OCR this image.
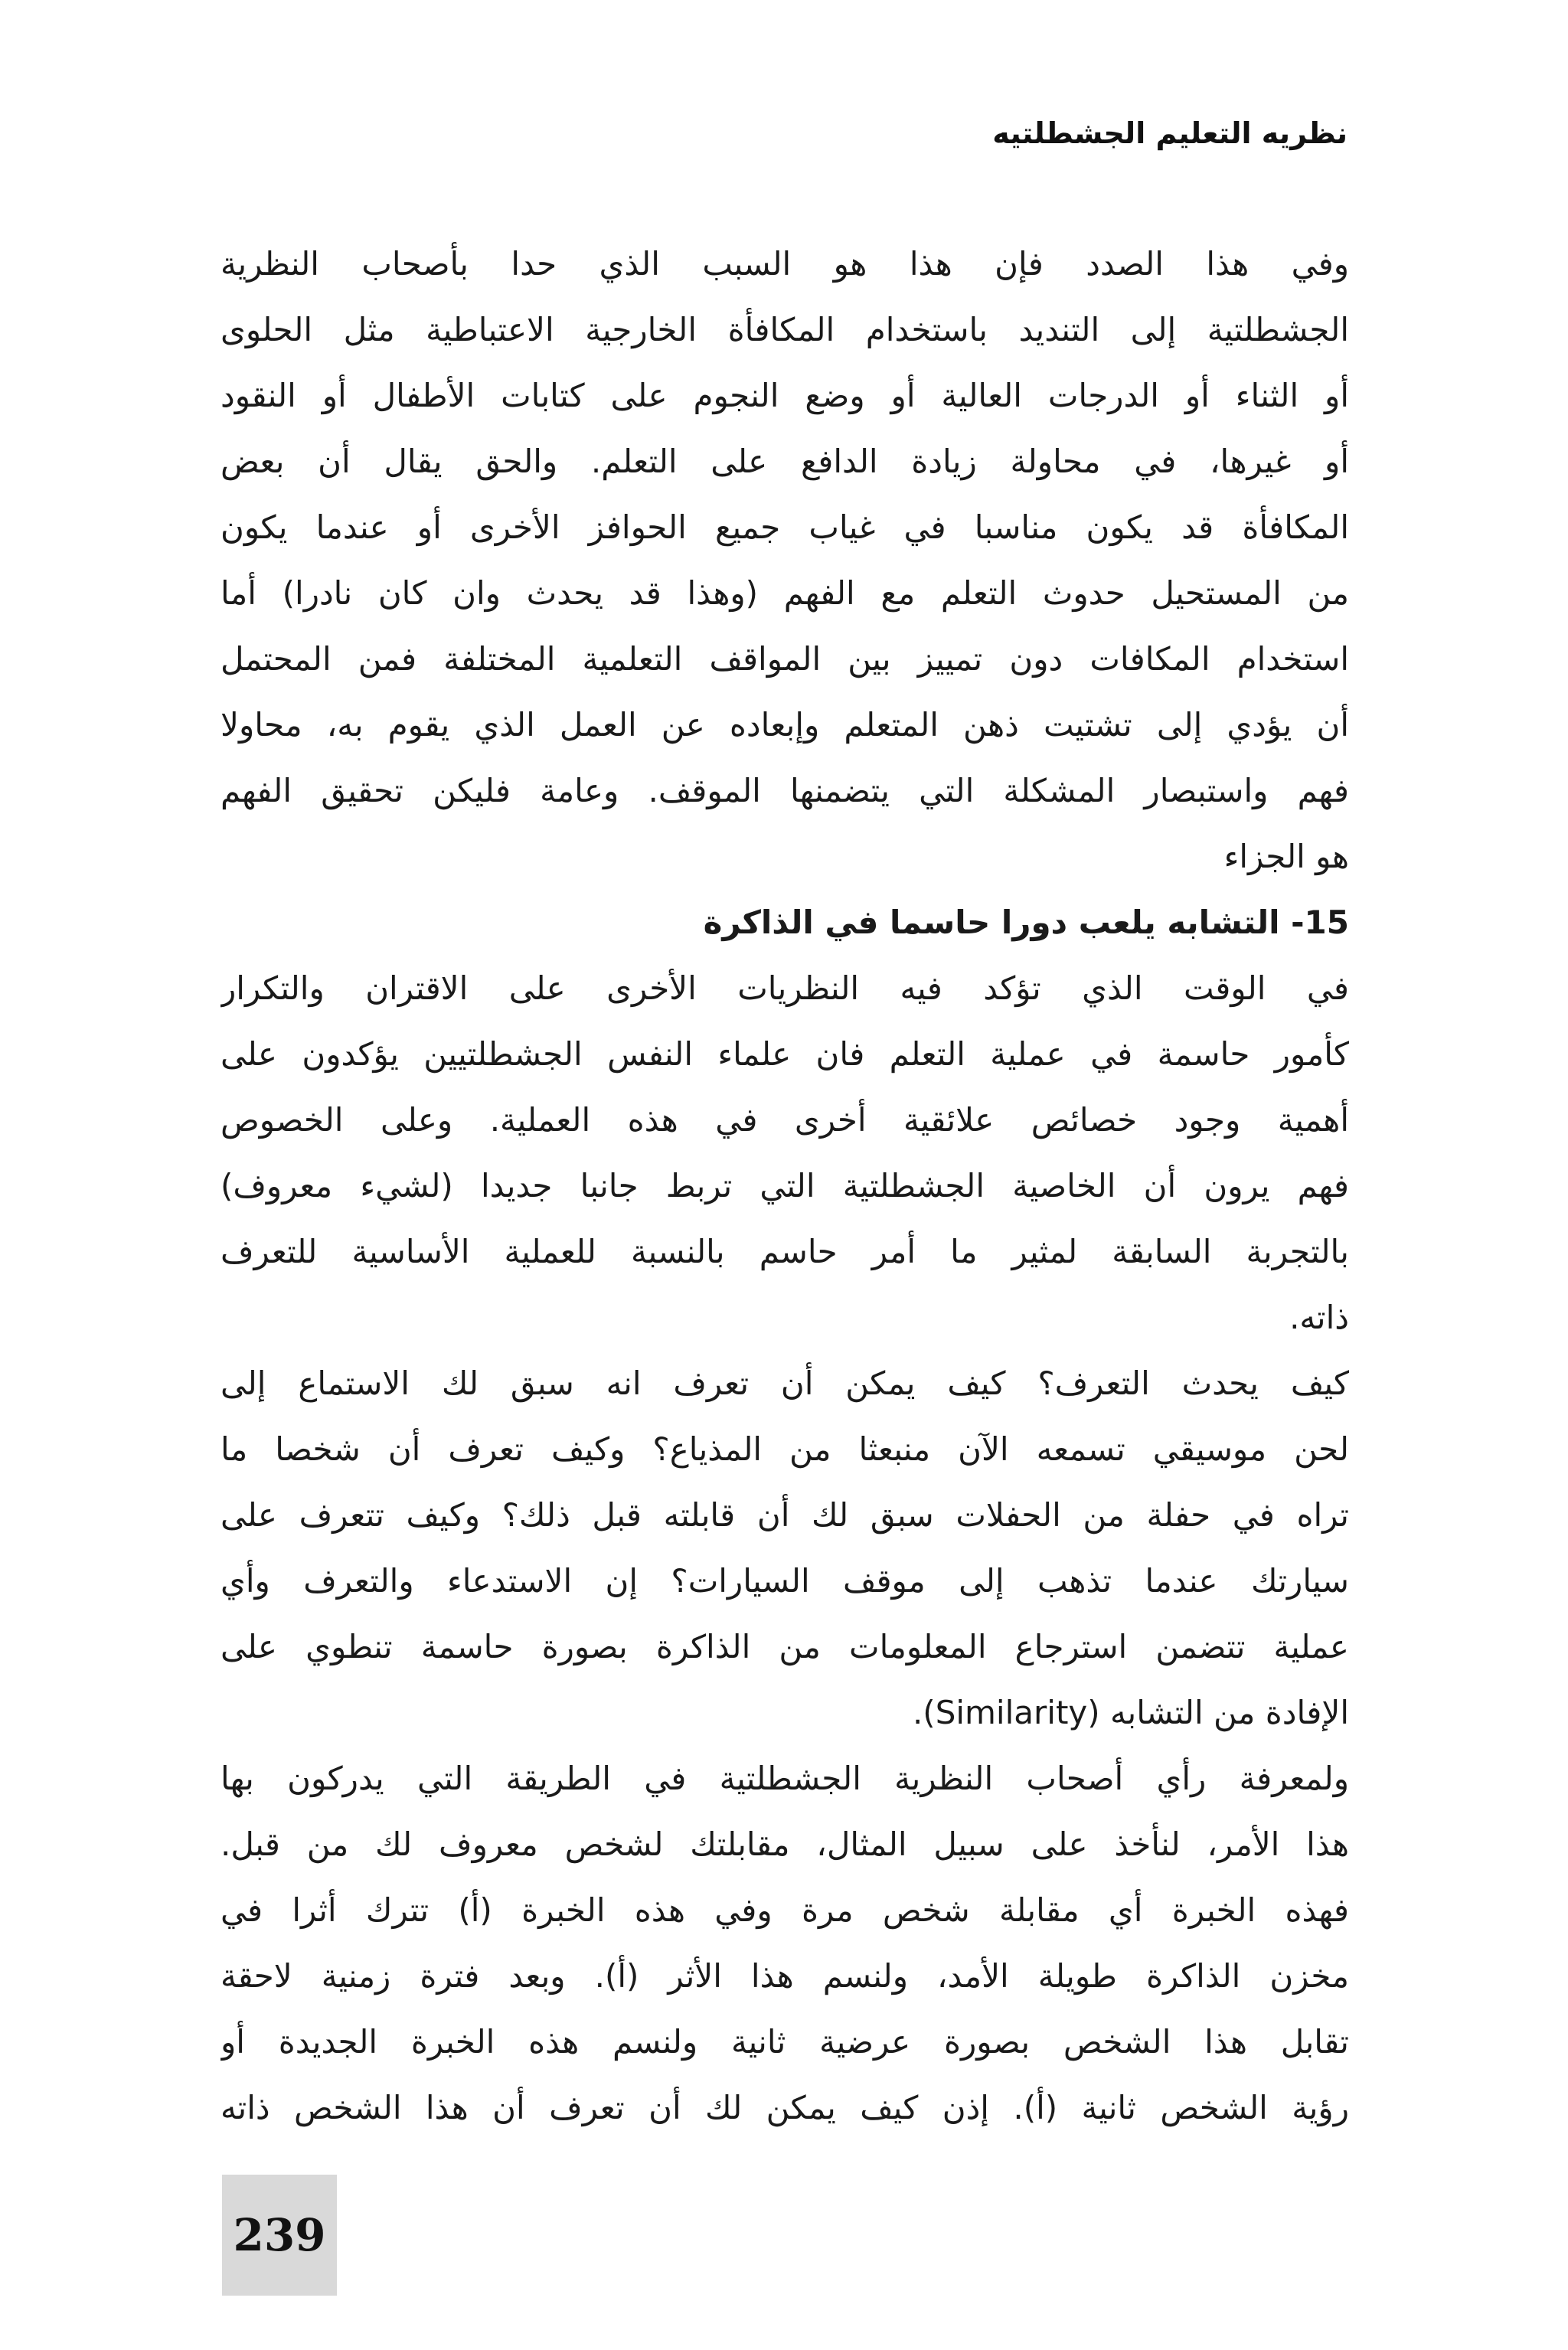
نظريه التعليم الجشطلتيه
وفي هذا الصدد فإن هذا هو السبب الذي حدا بأصحاب النظرية
الجشطلتية إلى التنديد باستخدام المكافأة الخارجية الاعتباطية مثل الحلوى
أو الثناء أو الدرجات العالية أو وضع النجوم على كتابات الأطفال أو النقود
أو غيرها، في محاولة زيادة الدافع على التعلم. والحق يقال أن بعض
المكافأة قد يكون مناسبا في غياب جميع الحوافز الأخرى أو عندما يكون
من المستحيل حدوث التعلم مع الفهم (وهذا قد يحدث وان كان نادرا) أما
استخدام المكافات دون تمييز بين المواقف التعلمية المختلفة فمن المحتمل
أن يؤدي إلى تشتيت ذهن المتعلم وإبعاده عن العمل الذي يقوم به، محاولا
فهم واستبصار المشكلة التي يتضمنها الموقف. وعامة فليكن تحقيق الفهم
هو الجزاء
15- التشابه يلعب دورا حاسما في الذاكرة
في الوقت الذي تؤكد فيه النظريات الأخرى على الاقتران والتكرار
كأمور حاسمة في عملية التعلم فان علماء النفس الجشطلتيين يؤكدون على
أهمية وجود خصائص علائقية أخرى في هذه العملية. وعلى الخصوص
فهم يرون أن الخاصية الجشطلتية التي تربط جانبا جديدا (لشيء معروف)
بالتجربة السابقة لمثير ما أمر حاسم بالنسبة للعملية الأساسية للتعرف
ذاته.
كيف يحدث التعرف؟ كيف يمكن أن تعرف انه سبق لك الاستماع إلى
لحن موسيقي تسمعه الآن منبعثا من المذياع؟ وكيف تعرف أن شخصا ما
تراه في حفلة من الحفلات سبق لك أن قابلته قبل ذلك؟ وكيف تتعرف على
سيارتك عندما تذهب إلى موقف السيارات؟ إن الاستدعاء والتعرف وأي
عملية تتضمن استرجاع المعلومات من الذاكرة بصورة حاسمة تنطوي على
الإفادة من التشابه (Similarity).
ولمعرفة رأي أصحاب النظرية الجشطلتية في الطريقة التي يدركون بها
هذا الأمر، لنأخذ على سبيل المثال، مقابلتك لشخص معروف لك من قبل.
فهذه الخبرة أي مقابلة شخص مرة وفي هذه الخبرة (أ) تترك أثرا في
مخزن الذاكرة طويلة الأمد، ولنسم هذا الأثر (أ). وبعد فترة زمنية لاحقة
تقابل هذا الشخص بصورة عرضية ثانية ولنسم هذه الخبرة الجديدة أو
رؤية الشخص ثانية (أ). إذن كيف يمكن لك أن تعرف أن هذا الشخص ذاته
239
